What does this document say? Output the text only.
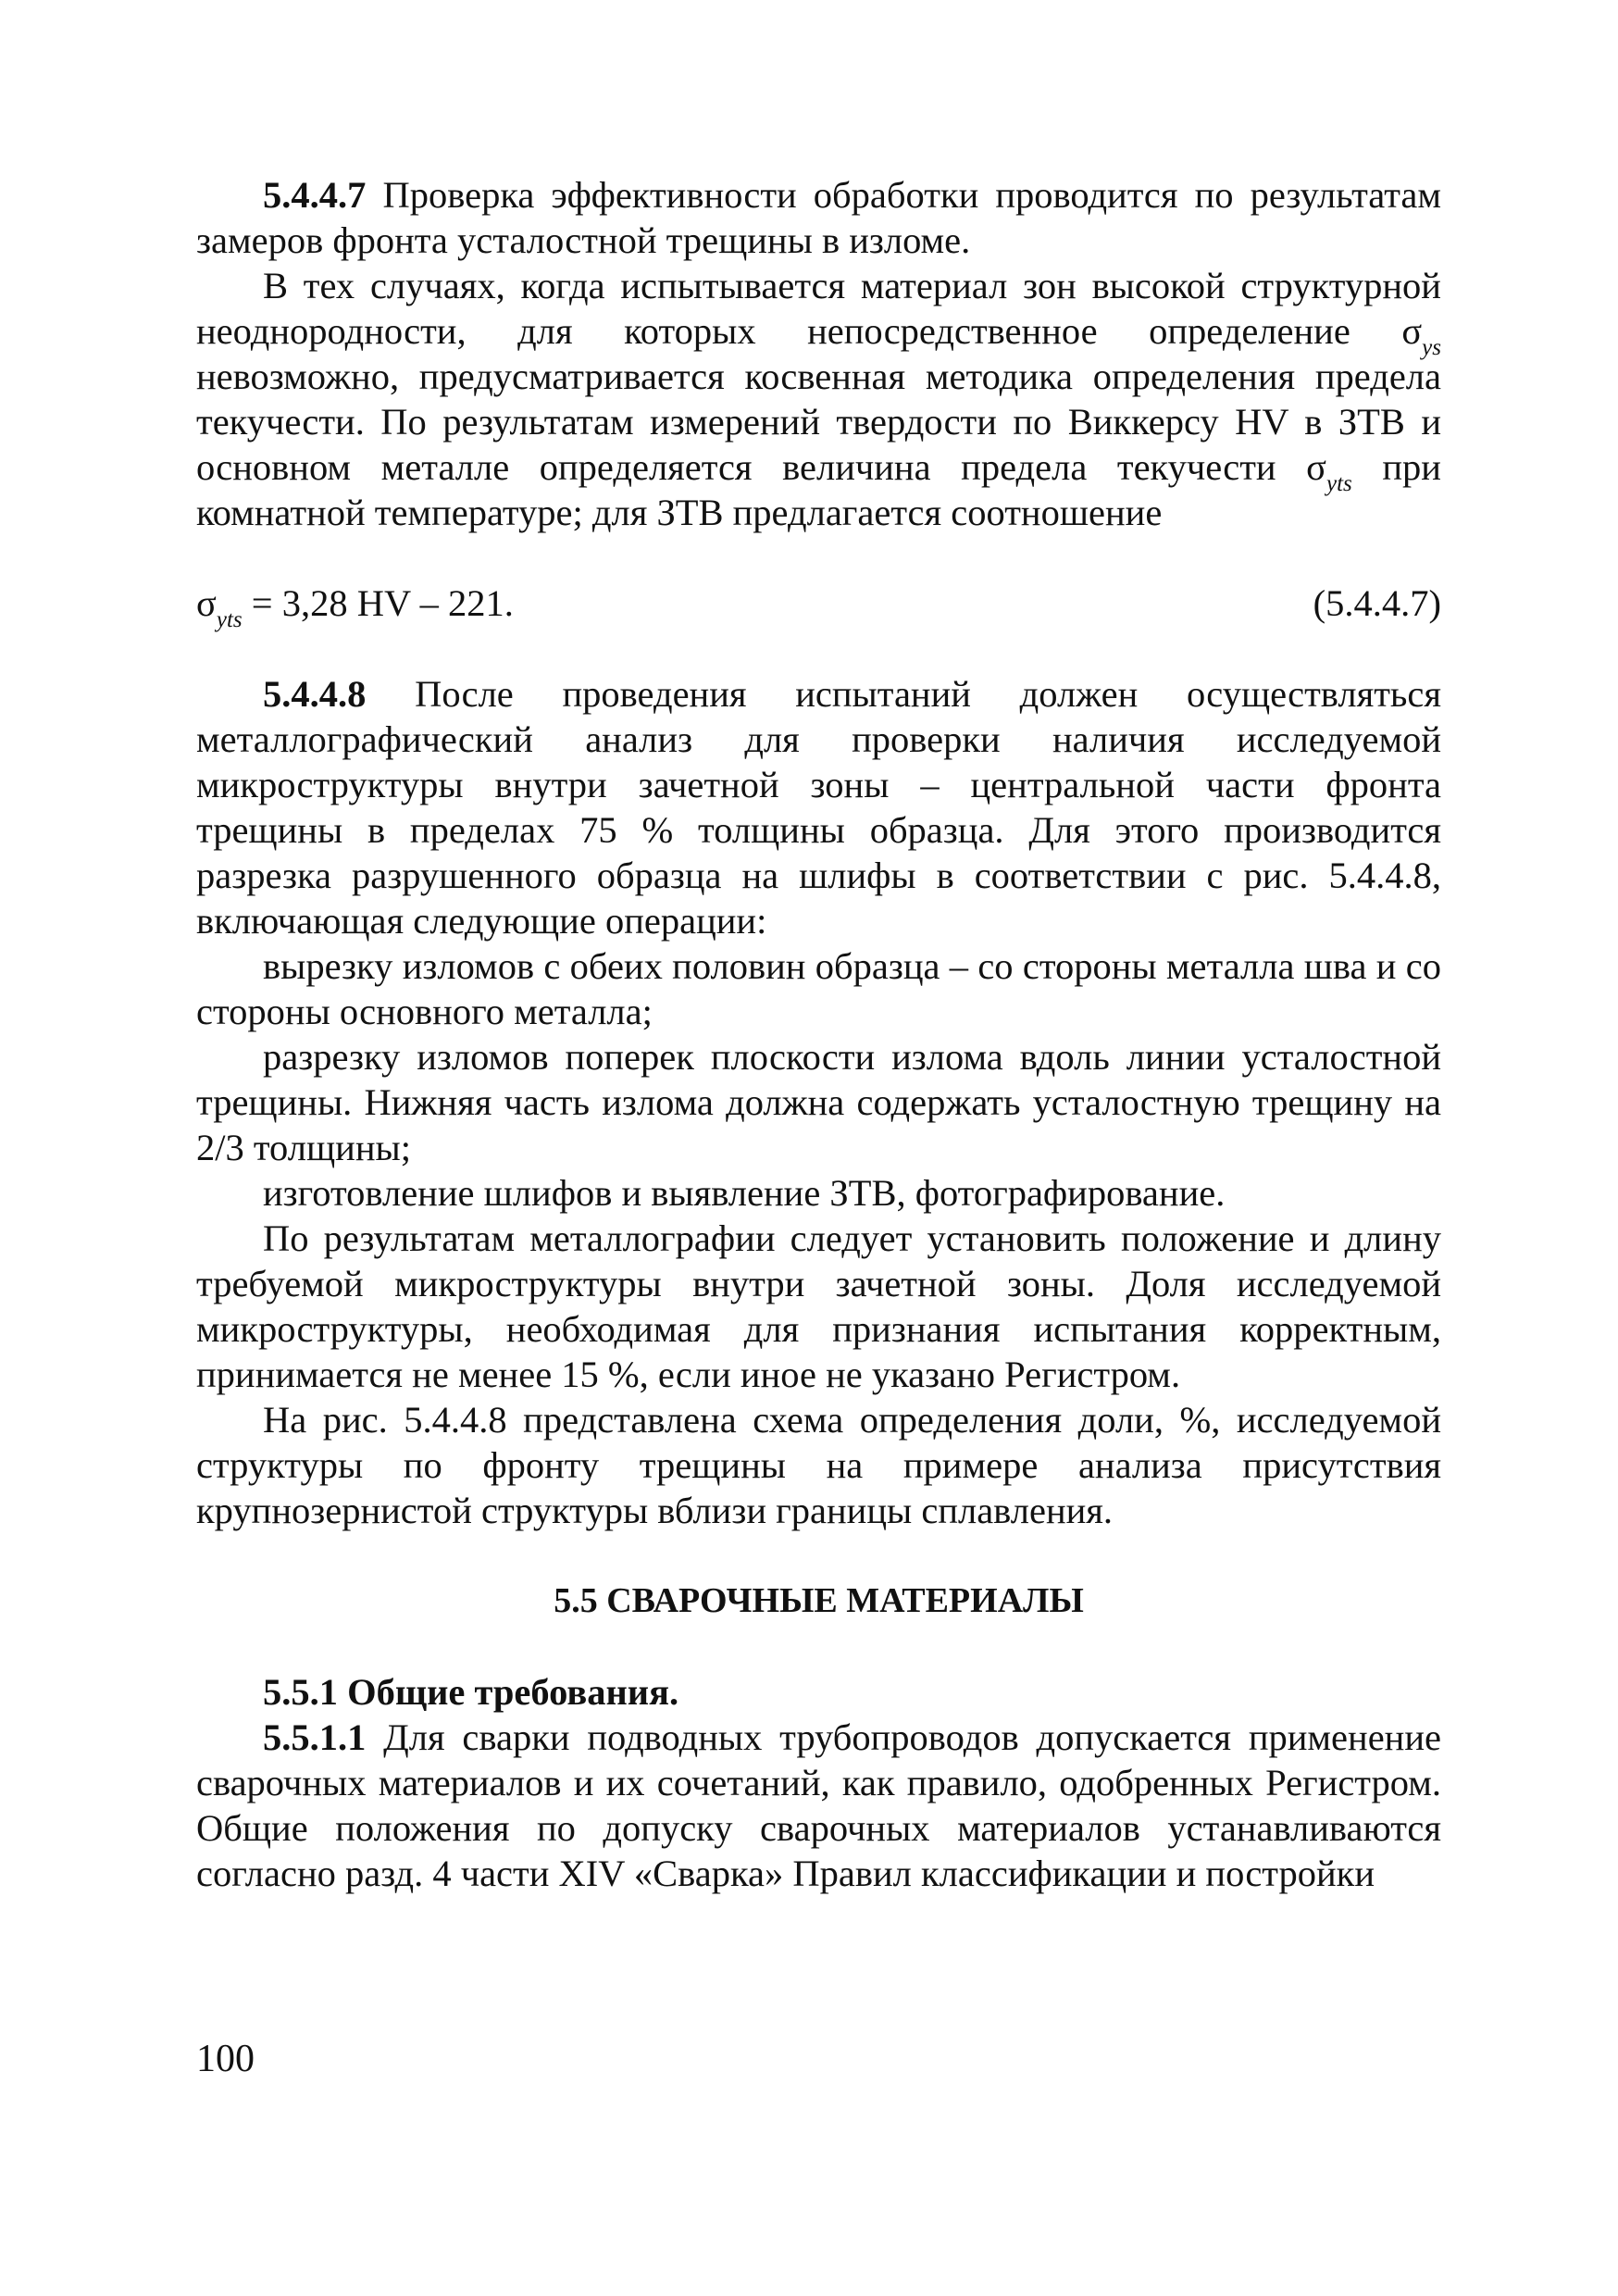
5.4.4.7 Проверка эффективности обработки проводится по результатам замеров фронта усталостной трещины в изломе.

В тех случаях, когда испытывается материал зон высокой структурной неоднородности, для которых непосредственное определение $\sigma_{ys}$ невозможно, предусматривается косвенная методика определения предела текучести. По результатам измерений твердости по Виккерсу HV в ЗТВ и основном металле определяется величина предела текучести $\sigma_{yts}$ при комнатной температуре; для ЗТВ предлагается соотношение

$\sigma_{yts} = 3,28$ HV – 221.	(5.4.4.7)

5.4.4.8 После проведения испытаний должен осуществляться металлографический анализ для проверки наличия исследуемой микроструктуры внутри зачетной зоны – центральной части фронта трещины в пределах 75 % толщины образца. Для этого производится разрезка разрушенного образца на шлифы в соответствии с рис. 5.4.4.8, включающая следующие операции:

вырезку изломов с обеих половин образца – со стороны металла шва и со стороны основного металла;

разрезку изломов поперек плоскости излома вдоль линии усталостной трещины. Нижняя часть излома должна содержать усталостную трещину на 2/3 толщины;

изготовление шлифов и выявление ЗТВ, фотографирование.

По результатам металлографии следует установить положение и длину требуемой микроструктуры внутри зачетной зоны. Доля исследуемой микроструктуры, необходимая для признания испытания корректным, принимается не менее 15 %, если иное не указано Регистром.

На рис. 5.4.4.8 представлена схема определения доли, %, исследуемой структуры по фронту трещины на примере анализа присутствия крупнозернистой структуры вблизи границы сплавления.

5.5 СВАРОЧНЫЕ МАТЕРИАЛЫ
5.5.1 Общие требования.

5.5.1.1 Для сварки подводных трубопроводов допускается применение сварочных материалов и их сочетаний, как правило, одобренных Регистром. Общие положения по допуску сварочных материалов устанавливаются согласно разд. 4 части XIV «Сварка» Правил классификации и постройки

100
